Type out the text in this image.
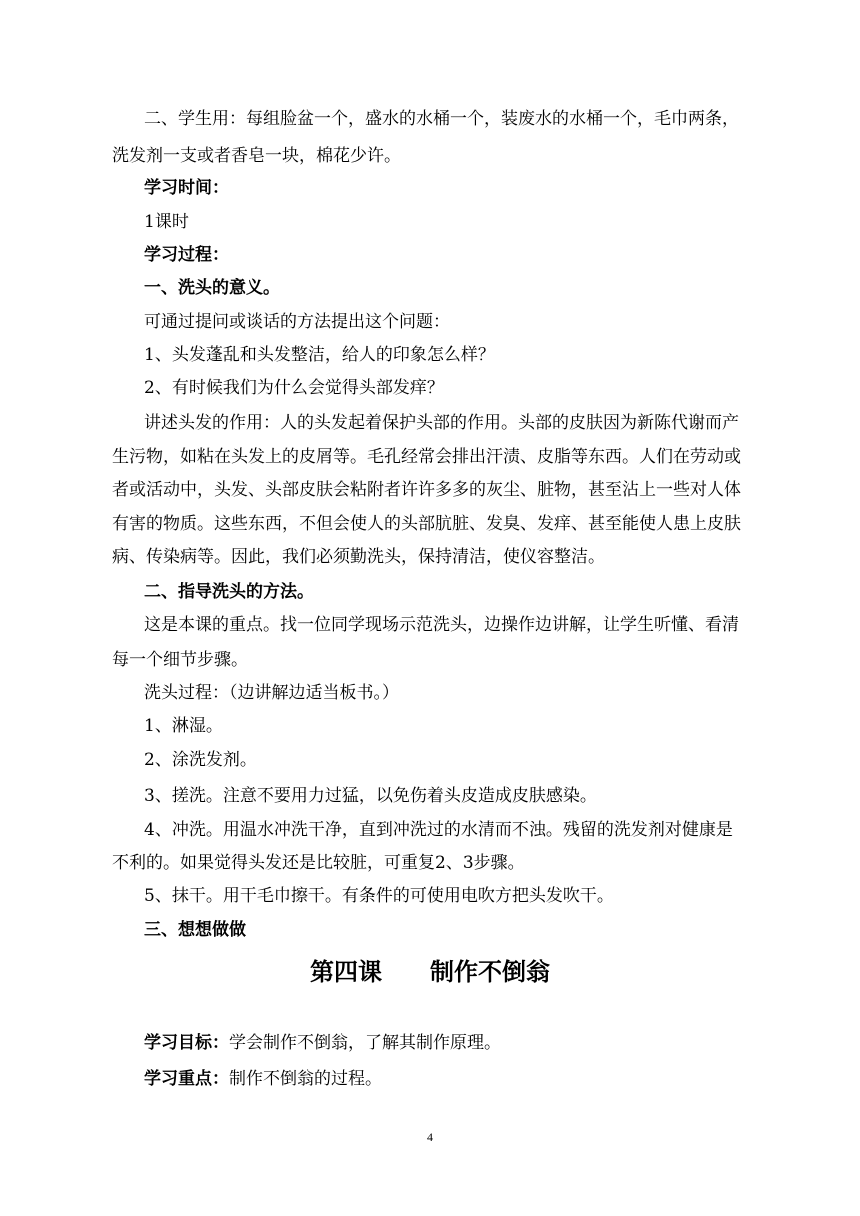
二、学生用：每组脸盆一个，盛水的水桶一个，装废水的水桶一个，毛巾两条，

洗发剂一支或者香皂一块，棉花少许。

学习时间：

1课时

学习过程：

一、洗头的意义。

可通过提问或谈话的方法提出这个问题：

1、头发蓬乱和头发整洁，给人的印象怎么样？

2、有时候我们为什么会觉得头部发痒？

讲述头发的作用：人的头发起着保护头部的作用。头部的皮肤因为新陈代谢而产

生污物，如粘在头发上的皮屑等。毛孔经常会排出汗渍、皮脂等东西。人们在劳动或

者或活动中，头发、头部皮肤会粘附者许许多多的灰尘、脏物，甚至沾上一些对人体

有害的物质。这些东西，不但会使人的头部肮脏、发臭、发痒、甚至能使人患上皮肤

病、传染病等。因此，我们必须勤洗头，保持清洁，使仪容整洁。

二、指导洗头的方法。

这是本课的重点。找一位同学现场示范洗头，边操作边讲解，让学生听懂、看清

每一个细节步骤。

洗头过程：（边讲解边适当板书。）

1、淋湿。

2、涂洗发剂。

3、搓洗。注意不要用力过猛，以免伤着头皮造成皮肤感染。

4、冲洗。用温水冲洗干净，直到冲洗过的水清而不浊。残留的洗发剂对健康是

不利的。如果觉得头发还是比较脏，可重复2、3步骤。

5、抹干。用干毛巾擦干。有条件的可使用电吹方把头发吹干。

三、想想做做

第四课　　制作不倒翁

学习目标：学会制作不倒翁，了解其制作原理。

学习重点：制作不倒翁的过程。

4
